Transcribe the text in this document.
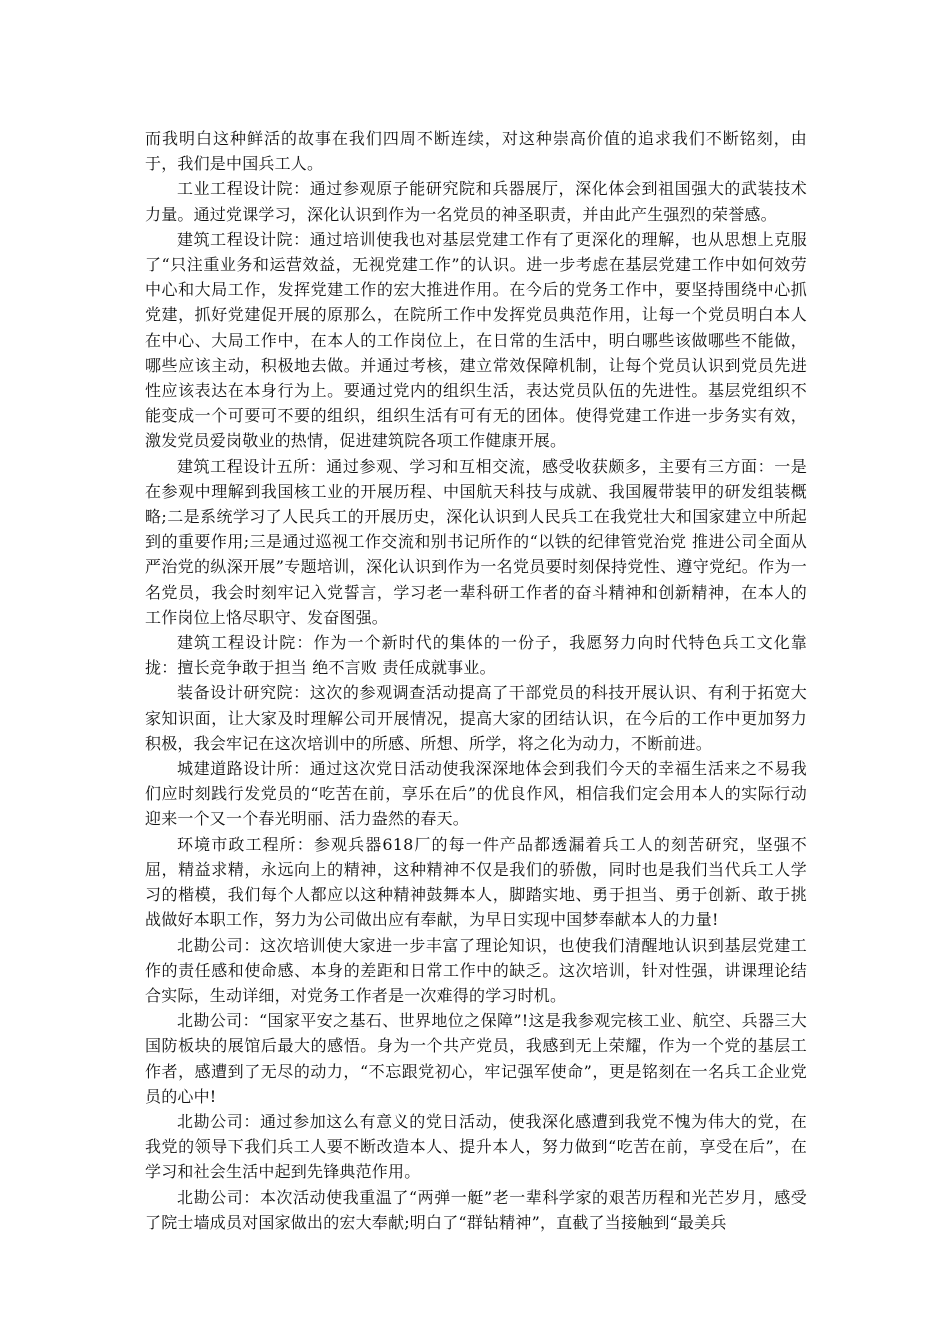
而我明白这种鲜活的故事在我们四周不断连续，对这种崇高价值的追求我们不断铭刻，由于，我们是中国兵工人。

工业工程设计院：通过参观原子能研究院和兵器展厅，深化体会到祖国强大的武装技术力量。通过党课学习，深化认识到作为一名党员的神圣职责，并由此产生强烈的荣誉感。

建筑工程设计院：通过培训使我也对基层党建工作有了更深化的理解，也从思想上克服了“只注重业务和运营效益，无视党建工作”的认识。进一步考虑在基层党建工作中如何效劳中心和大局工作，发挥党建工作的宏大推进作用。在今后的党务工作中，要坚持围绕中心抓党建，抓好党建促开展的原那么，在院所工作中发挥党员典范作用，让每一个党员明白本人在中心、大局工作中，在本人的工作岗位上，在日常的生活中，明白哪些该做哪些不能做，哪些应该主动，积极地去做。并通过考核，建立常效保障机制，让每个党员认识到党员先进性应该表达在本身行为上。要通过党内的组织生活，表达党员队伍的先进性。基层党组织不能变成一个可要可不要的组织，组织生活有可有无的团体。使得党建工作进一步务实有效，激发党员爱岗敬业的热情，促进建筑院各项工作健康开展。

建筑工程设计五所：通过参观、学习和互相交流，感受收获颇多，主要有三方面：一是在参观中理解到我国核工业的开展历程、中国航天科技与成就、我国履带装甲的研发组装概略;二是系统学习了人民兵工的开展历史，深化认识到人民兵工在我党壮大和国家建立中所起到的重要作用;三是通过巡视工作交流和别书记所作的“以铁的纪律管党治党 推进公司全面从严治党的纵深开展”专题培训，深化认识到作为一名党员要时刻保持党性、遵守党纪。作为一名党员，我会时刻牢记入党誓言，学习老一辈科研工作者的奋斗精神和创新精神，在本人的工作岗位上恪尽职守、发奋图强。

建筑工程设计院：作为一个新时代的集体的一份子，我愿努力向时代特色兵工文化靠拢：擅长竞争敢于担当 绝不言败 责任成就事业。

装备设计研究院：这次的参观调查活动提高了干部党员的科技开展认识、有利于拓宽大家知识面，让大家及时理解公司开展情况，提高大家的团结认识，在今后的工作中更加努力积极，我会牢记在这次培训中的所感、所想、所学，将之化为动力，不断前进。

城建道路设计所：通过这次党日活动使我深深地体会到我们今天的幸福生活来之不易我们应时刻践行发党员的“吃苦在前，享乐在后”的优良作风，相信我们定会用本人的实际行动迎来一个又一个春光明丽、活力盎然的春天。

环境市政工程所：参观兵器618厂的每一件产品都透漏着兵工人的刻苦研究，坚强不屈，精益求精，永远向上的精神，这种精神不仅是我们的骄傲，同时也是我们当代兵工人学习的楷模，我们每个人都应以这种精神鼓舞本人，脚踏实地、勇于担当、勇于创新、敢于挑战做好本职工作，努力为公司做出应有奉献，为早日实现中国梦奉献本人的力量!

北勘公司：这次培训使大家进一步丰富了理论知识，也使我们清醒地认识到基层党建工作的责任感和使命感、本身的差距和日常工作中的缺乏。这次培训，针对性强，讲课理论结合实际，生动详细，对党务工作者是一次难得的学习时机。

北勘公司：“国家平安之基石、世界地位之保障”!这是我参观完核工业、航空、兵器三大国防板块的展馆后最大的感悟。身为一个共产党员，我感到无上荣耀，作为一个党的基层工作者，感遭到了无尽的动力，“不忘跟党初心，牢记强军使命”，更是铭刻在一名兵工企业党员的心中!

北勘公司：通过参加这么有意义的党日活动，使我深化感遭到我党不愧为伟大的党，在我党的领导下我们兵工人要不断改造本人、提升本人，努力做到“吃苦在前，享受在后”，在学习和社会生活中起到先锋典范作用。

北勘公司：本次活动使我重温了“两弹一艇”老一辈科学家的艰苦历程和光芒岁月，感受了院士墙成员对国家做出的宏大奉献;明白了“群钻精神”，直截了当接触到“最美兵
